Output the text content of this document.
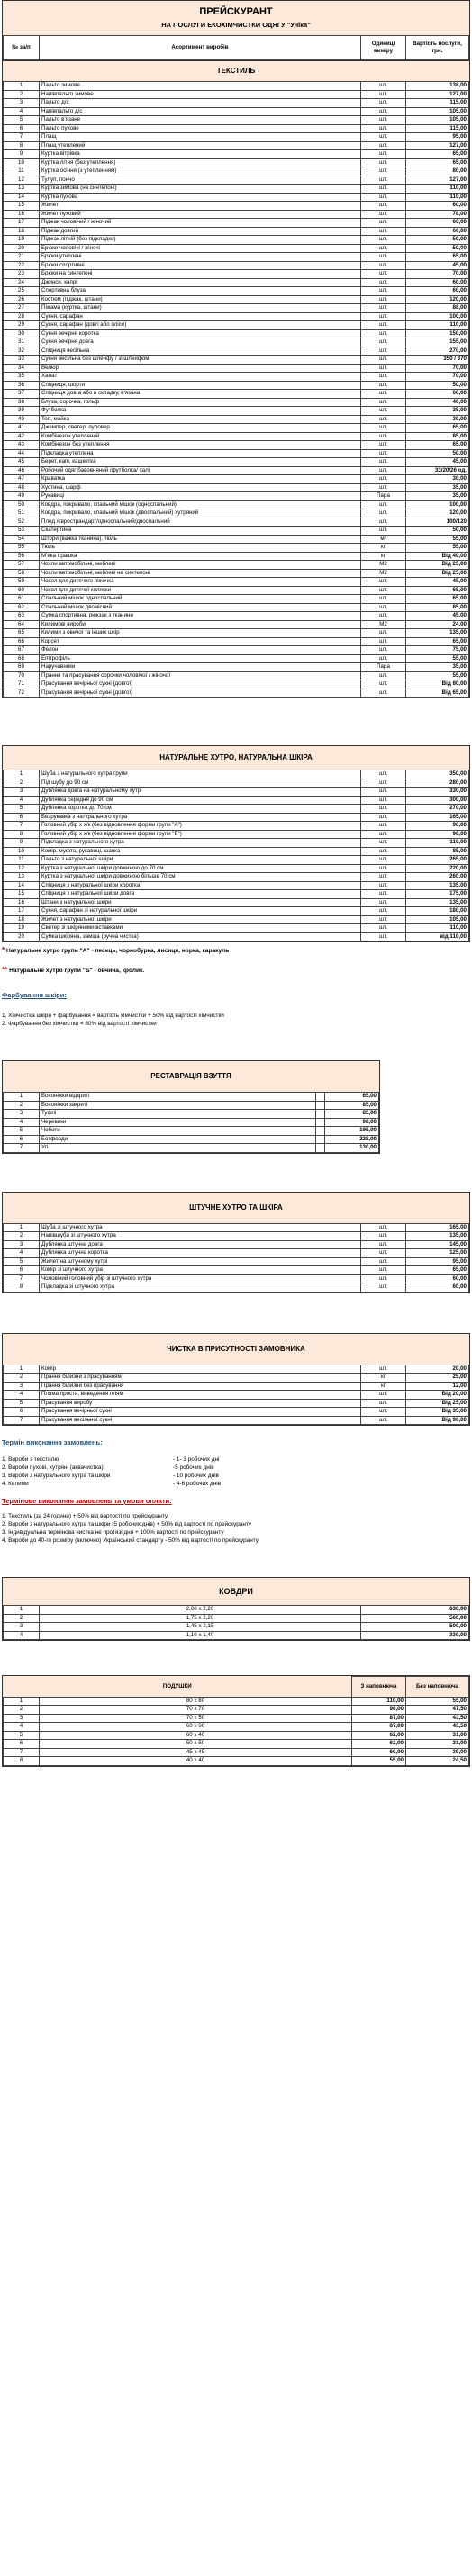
ПРЕЙСКУРАНТ
НА ПОСЛУГИ ЕКОХІМЧИСТКИ ОДЯГУ "Уніка"
№ за/п	Асортимент виробів	Одиниці виміру	Вартість послуги, грн.
ТЕКСТИЛЬ
1	Пальто зимове	шт.	138,00
2	Напівпальто зимове	шт.	127,00
3	Пальто д/с	шт.	115,00
4	Напівпальто д/с	шт.	105,00
5	Пальто в'язане	шт.	105,00
6	Пальто пухове	шт.	115,00
7	Плащ	шт.	95,00
8	Плащ утеплений	шт.	127,00
9	Куртка вітрівка	шт.	65,00
10	Куртка літня (без утеплення)	шт.	65,00
11	Куртка осіння (з утепленням)	шт.	80,00
12	Тулуп, пончо	шт.	127,00
13	Куртка зимова (на синтепоні)	шт.	110,00
14	Куртка пухова	шт.	110,00
15	Жилет	шт.	60,00
16	Жилет пуховий	шт.	78,00
17	Піджак чоловічий / жіночий	шт.	60,00
18	Піджак довгий	шт.	60,00
19	Піджак літній (без підкладки)	шт.	50,00
20	Брюки чоловічі / жіночі	шт.	50,00
21	Брюки утеплені	шт.	65,00
22	Брюки спортивні	шт.	45,00
23	Брюки на синтепоні	шт.	70,00
24	Джинси, капрі	шт.	60,00
25	Спортивна блуза	шт.	60,00
26	Костюм (піджак, штани)	шт.	120,00
27	Піжама (куртка, штани)	шт.	88,00
28	Сукня, сарафан	шт.	100,00
29	Сукня, сарафан (довгі або плісе)	шт.	110,00
30	Сукня вечірня коротка	шт.	150,00
31	Сукня вечірня довга	шт.	155,00
32	Спідниця весільна	шт.	270,00
33	Сукня весільна без шлейфу / зі шлейфом	шт.	350 / 370
34	Велюр	шт.	70,00
35	Халат	шт.	70,00
36	Спідниця, шорти	шт.	50,00
37	Спідниця довга або в складку, в'язана	шт.	60,00
38	Блуза, сорочка, гольф	шт.	40,00
39	Футболка	шт.	35,00
40	Топ, майка	шт.	30,00
41	Джемпер, светер, пуловер	шт.	65,00
42	Комбінезон утеплений	шт.	85,00
43	Комбінезон без утеплення	шт.	65,00
44	Підкладка утеплена	шт.	50,00
45	Берет, капі, кашкетка	шт.	45,00
46	Робочий одяг бавовняний /футболка/ халі	шт.	33/20/26 од.
47	Краватка	шт.	30,00
48	Хустина, шарф	шт.	35,00
49	Рукавиці	Пара	35,00
50	Ковдра, покривало, спальний мішок (односпальний)	шт.	100,00
51	Ковдра, покривало, спальний мішок (двоспальний) хутряний	шт.	120,00
52	Плед /євространдарт/односпальний/двоспальний	шт.	100/120
53	Скатертина	шт.	50,00
54	Штори (важка тканина), тюль	м²	55,00
55	Тюль	кг	55,00
56	М'яка іграшка	кг	Від 40,00
57	Чохли автомобільні, меблеві	М2	Від 25,00
58	Чохли автомобільні, меблеві на синтепоні	М2	Від 25,00
59	Чохол для дитячого ліжечка	шт.	45,00
60	Чохол для дитячої коляски	шт.	65,00
61	Спальний мішок односпальний	шт.	65,00
62	Спальний мішок двомісний	шт.	85,00
63	Сумка спортивна, рюкзак з тканини	шт.	45,00
64	Килимові вироби	М2	24,00
65	Килими з овечої та інших шкір	шт.	135,00
66	Корсет	шт.	65,00
67	Фелон	шт.	75,00
68	Епітрофіль	шт.	55,00
69	Наручавники	Пара	35,00
70	Прання та прасування сорочки чоловічої / жіночої	шт.	55,00
71	Прасування вечірньої сукні (довгої)	шт.	Від 80,00
72	Прасування вечірньої сукні (довгої)	шт.	Від 65,00
НАТУРАЛЬНЕ ХУТРО, НАТУРАЛЬНА ШКІРА
1	Шуба з натурального хутра групи	шт.	350,00
2	Під шубу до 90 см	шт.	280,00
3	Дублянка довга на натуральному хутрі	шт.	330,00
4	Дублянка середня до 90 см	шт.	300,00
5	Дублянка коротка до 70 см	шт.	270,00
6	Безрукавка з натурального хутра	шт.	165,00
7	Головний убір х х/к (без відновлення форми групи "А")	шт.	90,00
8	Головний убір х х/к (без відновлення форми групи "Б")	шт.	90,00
9	Підкладка з натурального хутра	шт.	110,00
10	Комір, муфта, рукавиці, шапка	шт.	85,00
11	Пальто з натуральної шкіри	шт.	265,00
12	Куртка з натуральної шкіри довжиною до 70 см	шт.	220,00
13	Куртка з натуральної шкіри довжиною більше 70 см	шт.	260,00
14	Спідниця з натуральної шкіри коротка	шт.	135,00
15	Спідниця з натуральної шкіри довга	шт.	175,00
16	Штани з натуральної шкіри	шт.	135,00
17	Сукня, сарафан зі натуральної шкіри	шт.	180,00
18	Жилет з натуральної шкіри	шт.	105,00
19	Светер зі шкіряними вставками	шт.	110,00
20	Сумка шкіряна, замша (ручна чистка)	шт.	від 110,00
* Натуральне хутро групи "А" - песець, чорнобурка, лисиця, норка, каракуль
** Натуральне хутро групи "Б" - овчина, кролик.
Фарбування шкіри:
1. Хімчистка шкіри + фарбування = вартість хімчистки + 50% від вартості хімчистки
2. Фарбування без хімчистки = 80% від вартості хімчистки
РЕСТАВРАЦІЯ ВЗУТТЯ
1	Босоніжки відкриті		65,00
2	Босоніжки закриті		85,00
3	Туфлі		85,00
4	Черевики		98,00
5	Чоботи		195,00
6	Ботфорди		228,00
7	Угі		130,00
ШТУЧНЕ ХУТРО ТА ШКІРА
1	Шуба зі штучного хутра	шт.	165,00
2	Напівшуба зі штучного хутра	шт.	135,00
3	Дублянка штучна довга	шт.	145,00
4	Дублянка штучна коротка	шт.	125,00
5	Жилет на штучному хутрі	шт.	95,00
6	Комір зі штучного хутра	шт.	65,00
7	Чоловічий головний убір зі штучного хутра	шт.	60,00
8	Підкладка зі штучного хутра	шт.	60,00
ЧИСТКА В ПРИСУТНОСТІ ЗАМОВНИКА
1	Комір	шт.	20,00
2	Прання білизни з прасуванням	кг	25,00
3	Прання білизни без прасування	кг	12,00
4	Пляма проста, виведення плям	шт.	Від 20,00
5	Прасування виробу	шт.	Від 25,00
6	Прасування вечірньої сукні	шт.	Від 35,00
7	Прасування весільної сукні	шт.	Від 90,00
Термін виконання замовлень:
1. Вироби з текстилю	- 1- 3 робочих дні
2. Вироби пухові, хутряні (аквачистка)	-5 робочих днів
3. Вироби з натурального хутра та шкіри	- 10 робочих днів
4. Килими	- 4-6 робочих днів
Термінове виконання замовлень та умови оплати:
1. Текстиль (за 24 години) + 50% від вартості по прейскуранту
2. Вироби з натурального хутра та шкіри (5 робочих днів) + 50% від вартості по прейскуранту
3. Індивідуальна термінова чистка не протязі дня + 100% вартості по прейскуранту
4. Вироби до 40-го розміру (включно) Український стандарту - 50% від вартості по прейскуранту
КОВДРИ
1	2,00 х 2,20	630,00
2	1,75 х 2,20	560,00
3	1,45 х 2,15	500,00
4	1,10 х 1,40	330,00
ПОДУШКИ		З наповнюча	Без наповнюча
1	80 х 80	110,00	55,00
2	70 х 70	98,00	47,50
3	70 х 50	87,00	43,50
4	60 х 60	87,00	43,50
5	60 х 40	62,00	31,00
6	50 х 50	62,00	31,00
7	45 х 45	60,00	30,00
8	40 х 40	55,00	24,50
